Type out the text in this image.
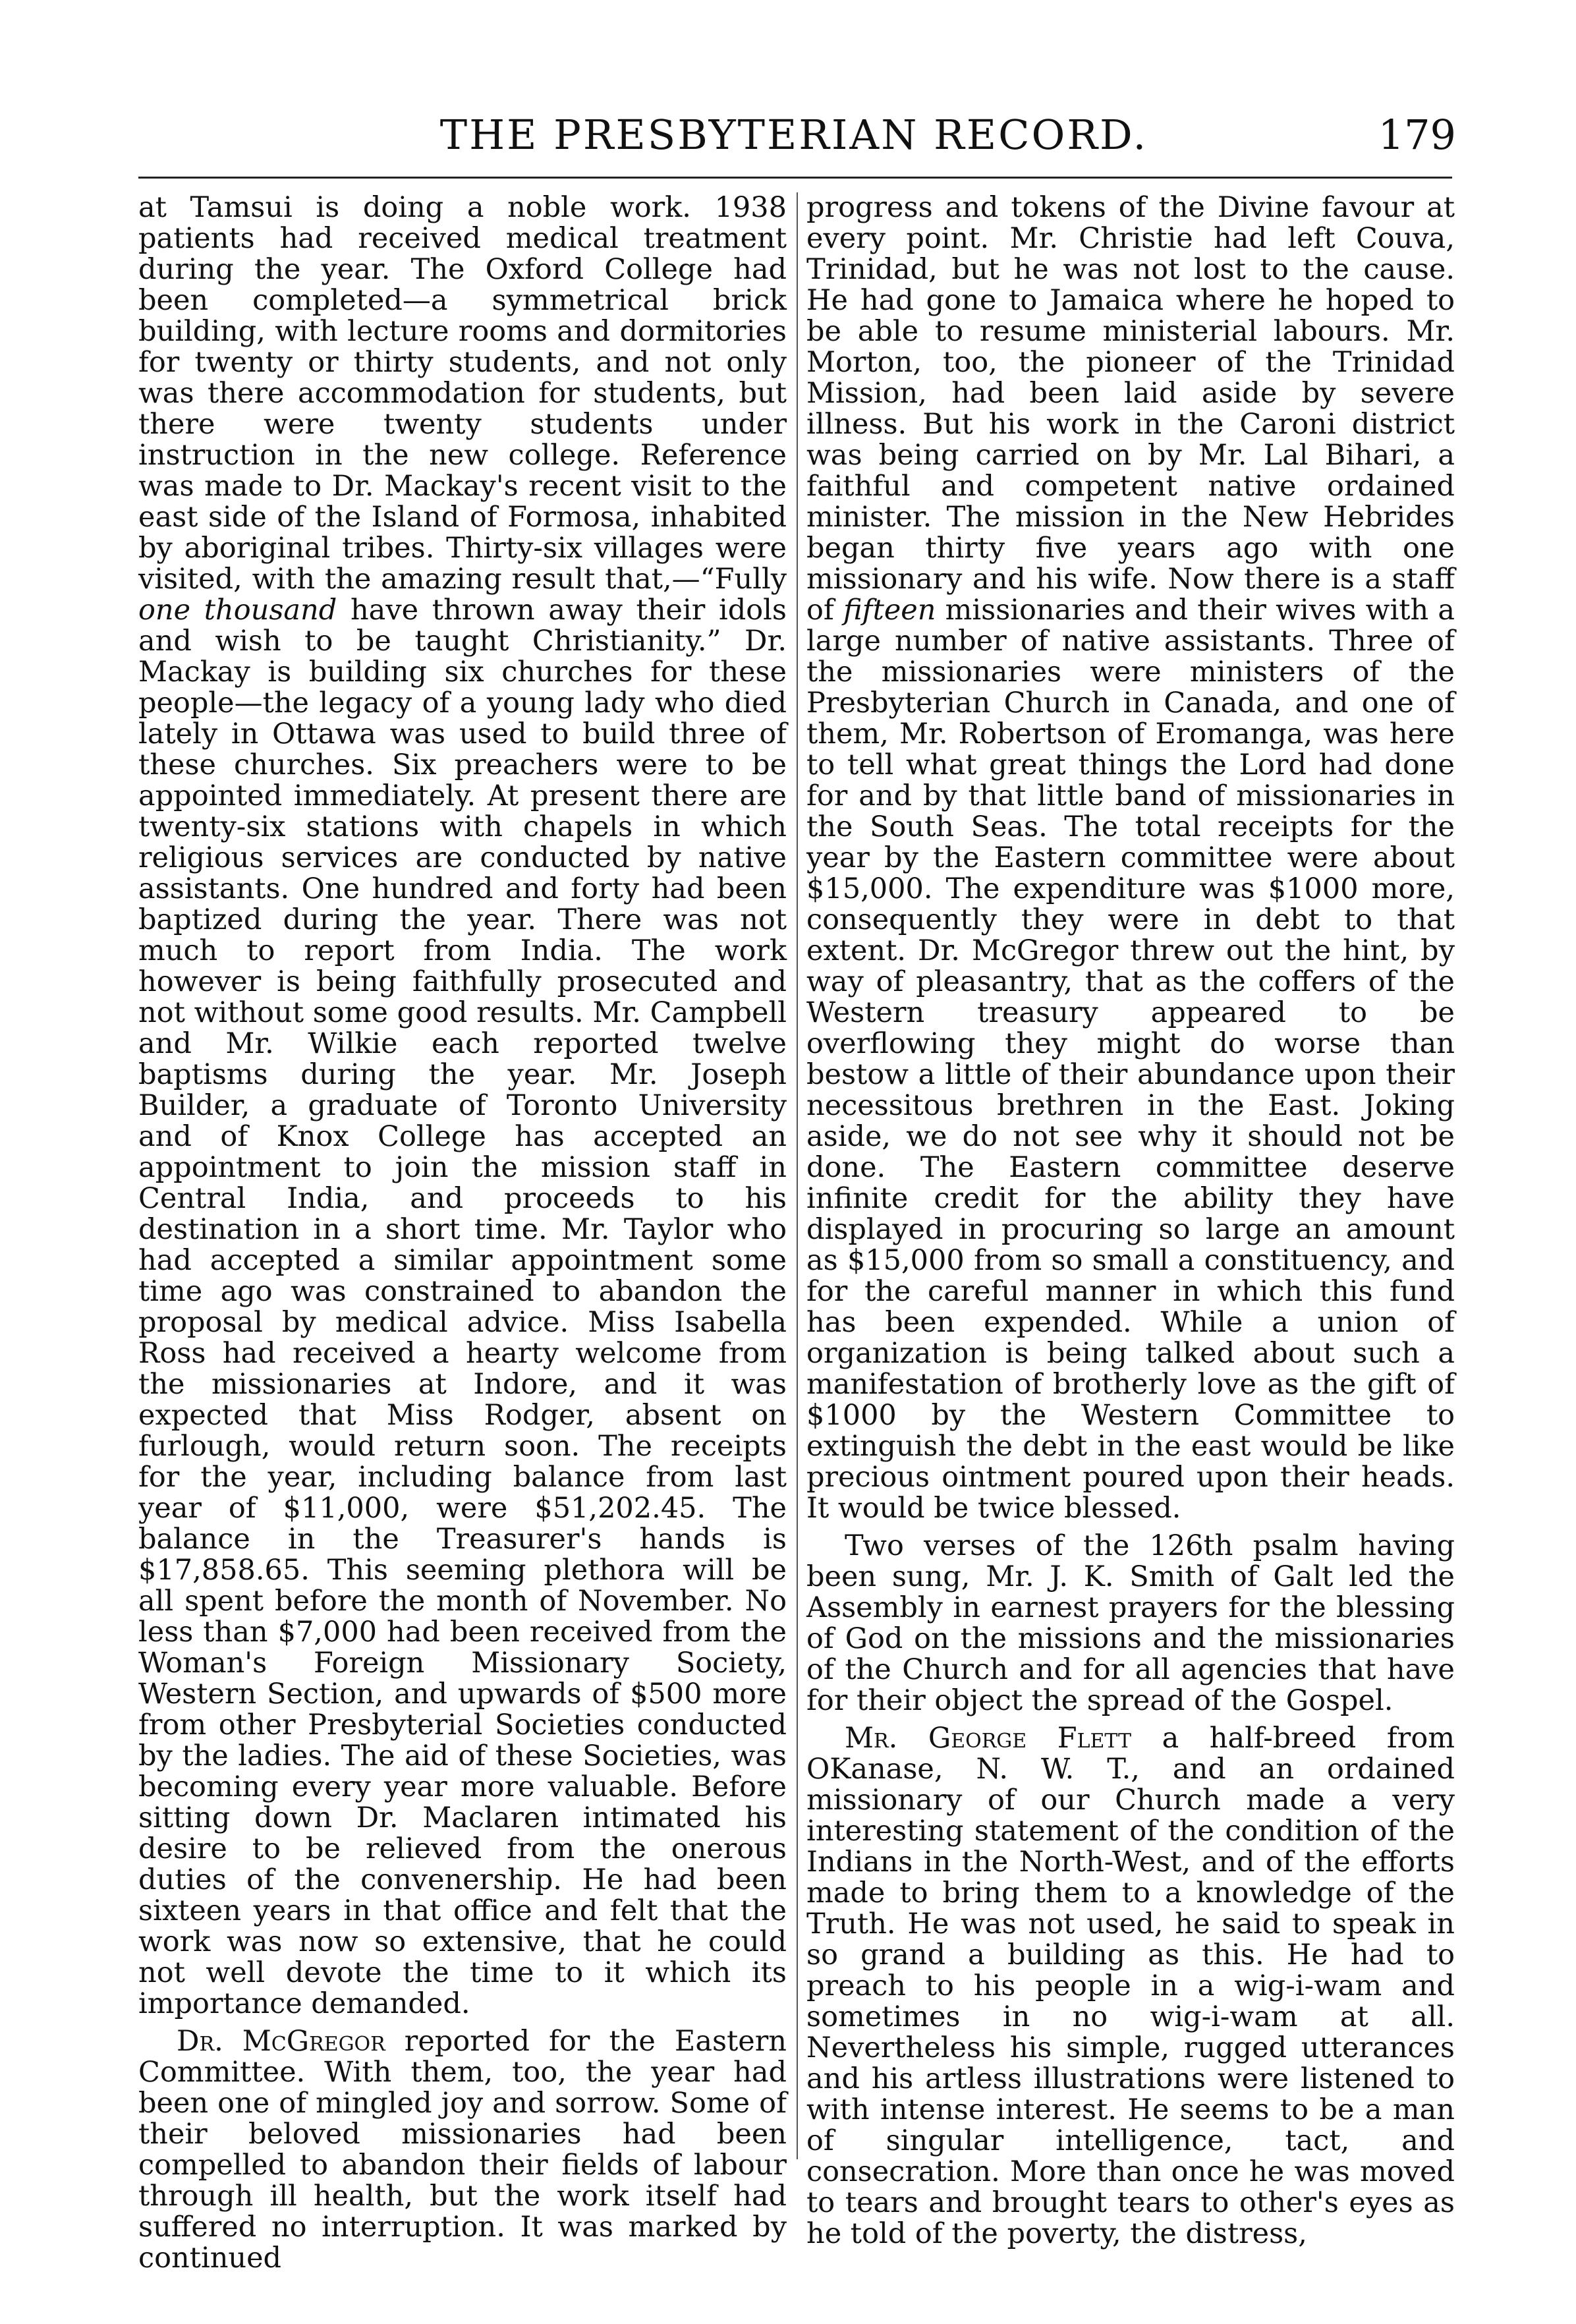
THE PRESBYTERIAN RECORD.	179

at Tamsui is doing a noble work. 1938 patients had received medical treatment during the year. The Oxford College had been completed—a symmetrical brick building, with lecture rooms and dormitories for twenty or thirty students, and not only was there accommodation for students, but there were twenty students under instruction in the new college. Reference was made to Dr. Mackay's recent visit to the east side of the Island of Formosa, inhabited by aboriginal tribes. Thirty-six villages were visited, with the amazing result that,—“Fully one thousand have thrown away their idols and wish to be taught Christianity.” Dr. Mackay is building six churches for these people—the legacy of a young lady who died lately in Ottawa was used to build three of these churches. Six preachers were to be appointed immediately. At present there are twenty-six stations with chapels in which religious services are conducted by native assistants. One hundred and forty had been baptized during the year. There was not much to report from India. The work however is being faithfully prosecuted and not without some good results. Mr. Campbell and Mr. Wilkie each reported twelve baptisms during the year. Mr. Joseph Builder, a graduate of Toronto University and of Knox College has accepted an appointment to join the mission staff in Central India, and proceeds to his destination in a short time. Mr. Taylor who had accepted a similar appointment some time ago was constrained to abandon the proposal by medical advice. Miss Isabella Ross had received a hearty welcome from the missionaries at Indore, and it was expected that Miss Rodger, absent on furlough, would return soon. The receipts for the year, including balance from last year of $11,000, were $51,202.45. The balance in the Treasurer's hands is $17,858.65. This seeming plethora will be all spent before the month of November. No less than $7,000 had been received from the Woman's Foreign Missionary Society, Western Section, and upwards of $500 more from other Presbyterial Societies conducted by the ladies. The aid of these Societies, was becoming every year more valuable. Before sitting down Dr. Maclaren intimated his desire to be relieved from the onerous duties of the convenership. He had been sixteen years in that office and felt that the work was now so extensive, that he could not well devote the time to it which its importance demanded.

Dr. McGregor reported for the Eastern Committee. With them, too, the year had been one of mingled joy and sorrow. Some of their beloved missionaries had been compelled to abandon their fields of labour through ill health, but the work itself had suffered no interruption. It was marked by continued

progress and tokens of the Divine favour at every point. Mr. Christie had left Couva, Trinidad, but he was not lost to the cause. He had gone to Jamaica where he hoped to be able to resume ministerial labours. Mr. Morton, too, the pioneer of the Trinidad Mission, had been laid aside by severe illness. But his work in the Caroni district was being carried on by Mr. Lal Bihari, a faithful and competent native ordained minister. The mission in the New Hebrides began thirty five years ago with one missionary and his wife. Now there is a staff of fifteen missionaries and their wives with a large number of native assistants. Three of the missionaries were ministers of the Presbyterian Church in Canada, and one of them, Mr. Robertson of Eromanga, was here to tell what great things the Lord had done for and by that little band of missionaries in the South Seas. The total receipts for the year by the Eastern committee were about $15,000. The expenditure was $1000 more, consequently they were in debt to that extent. Dr. McGregor threw out the hint, by way of pleasantry, that as the coffers of the Western treasury appeared to be overflowing they might do worse than bestow a little of their abundance upon their necessitous brethren in the East. Joking aside, we do not see why it should not be done. The Eastern committee deserve infinite credit for the ability they have displayed in procuring so large an amount as $15,000 from so small a constituency, and for the careful manner in which this fund has been expended. While a union of organization is being talked about such a manifestation of brotherly love as the gift of $1000 by the Western Committee to extinguish the debt in the east would be like precious ointment poured upon their heads. It would be twice blessed.

Two verses of the 126th psalm having been sung, Mr. J. K. Smith of Galt led the Assembly in earnest prayers for the blessing of God on the missions and the missionaries of the Church and for all agencies that have for their object the spread of the Gospel.

Mr. George Flett a half-breed from OKanase, N. W. T., and an ordained missionary of our Church made a very interesting statement of the condition of the Indians in the North-West, and of the efforts made to bring them to a knowledge of the Truth. He was not used, he said to speak in so grand a building as this. He had to preach to his people in a wig-i-wam and sometimes in no wig-i-wam at all. Nevertheless his simple, rugged utterances and his artless illustrations were listened to with intense interest. He seems to be a man of singular intelligence, tact, and consecration. More than once he was moved to tears and brought tears to other's eyes as he told of the poverty, the distress,
